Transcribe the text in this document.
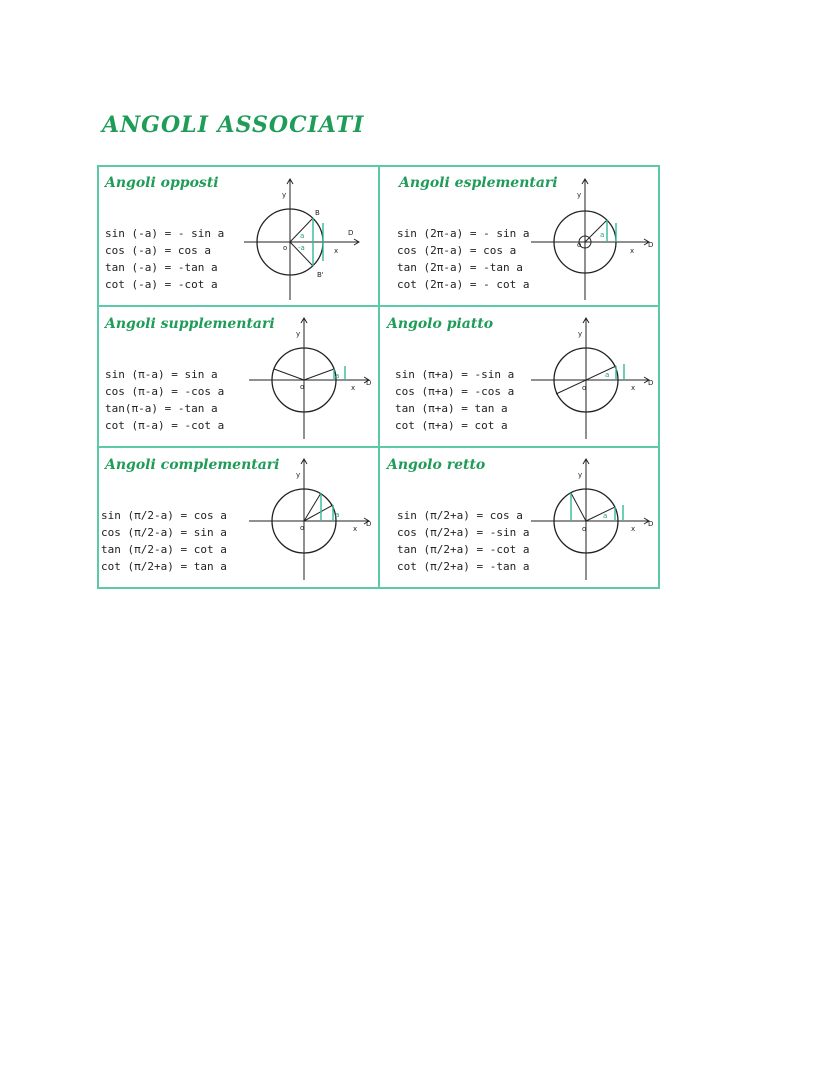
ANGOLI ASSOCIATI
Angoli opposti
sin (-a) = - sin a
cos (-a) = cos a
tan (-a) = -tan a
cot (-a) = -cot a
y
x
o
B
B'
D
a
-a
Angoli esplementari
sin (2π-a) = - sin a
cos (2π-a) = cos a
tan (2π-a) = -tan a
cot (2π-a) = - cot a
y
x
o	D
a
Angoli supplementari
sin (π-a) = sin a
cos (π-a) = -cos a
tan(π-a) = -tan a
cot (π-a) = -cot a
y
x
o	D
a
Angolo piatto
sin (π+a) = -sin a
cos (π+a) = -cos a
tan (π+a) = tan a
cot (π+a) = cot a
y
x
o
D
a
Angoli complementari
sin (π/2-a) = cos a
cos (π/2-a) = sin a
tan (π/2-a) = cot a
cot (π/2+a) = tan a
y
x
o	D
a
Angolo retto
sin (π/2+a) = cos a
cos (π/2+a) = -sin a
tan (π/2+a) = -cot a
cot (π/2+a) = -tan a
y
x
o
D
a
